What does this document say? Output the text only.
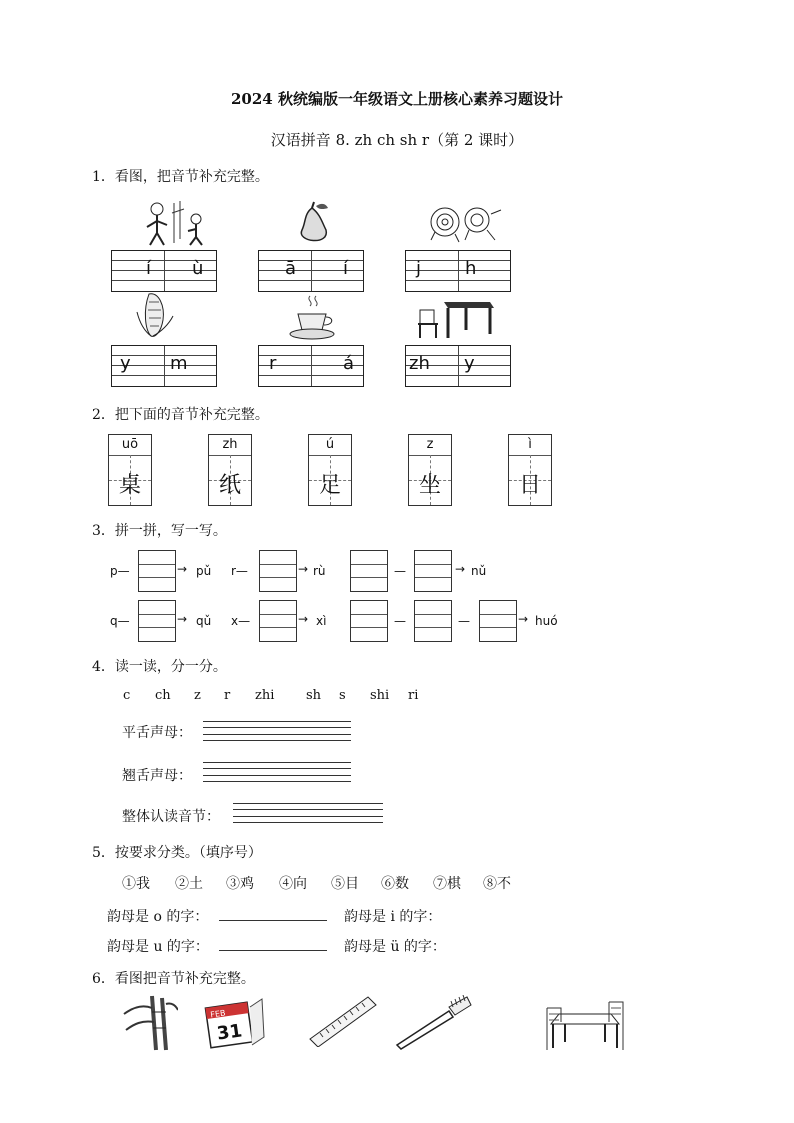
2024 秋统编版一年级语文上册核心素养习题设计
汉语拼音 8. zh ch sh r（第 2 课时）
1．看图，把音节补充完整。
í ù	ā	í	j h
y m	r	á	zh y
2．把下面的音节补充完整。
uō
桌
zh
纸
ú
足
z
坐
ì
日
3．拼一拼，写一写。
p—	→ pǔ r—	→ rù	—	→ nǔ
q—	→ qǔ x—	→ xì	—	—	→ huó
4．读一读，分一分。
c ch z r zhi sh s shi ri
平舌声母：
翘舌声母：
整体认读音节：
5．按要求分类。（填序号）
①我 ②土 ③鸡 ④向 ⑤目 ⑥数 ⑦棋 ⑧不
韵母是 o 的字：	韵母是 i 的字：
韵母是 u 的字：	韵母是 ü 的字：
6．看图把音节补充完整。
FEB
31
